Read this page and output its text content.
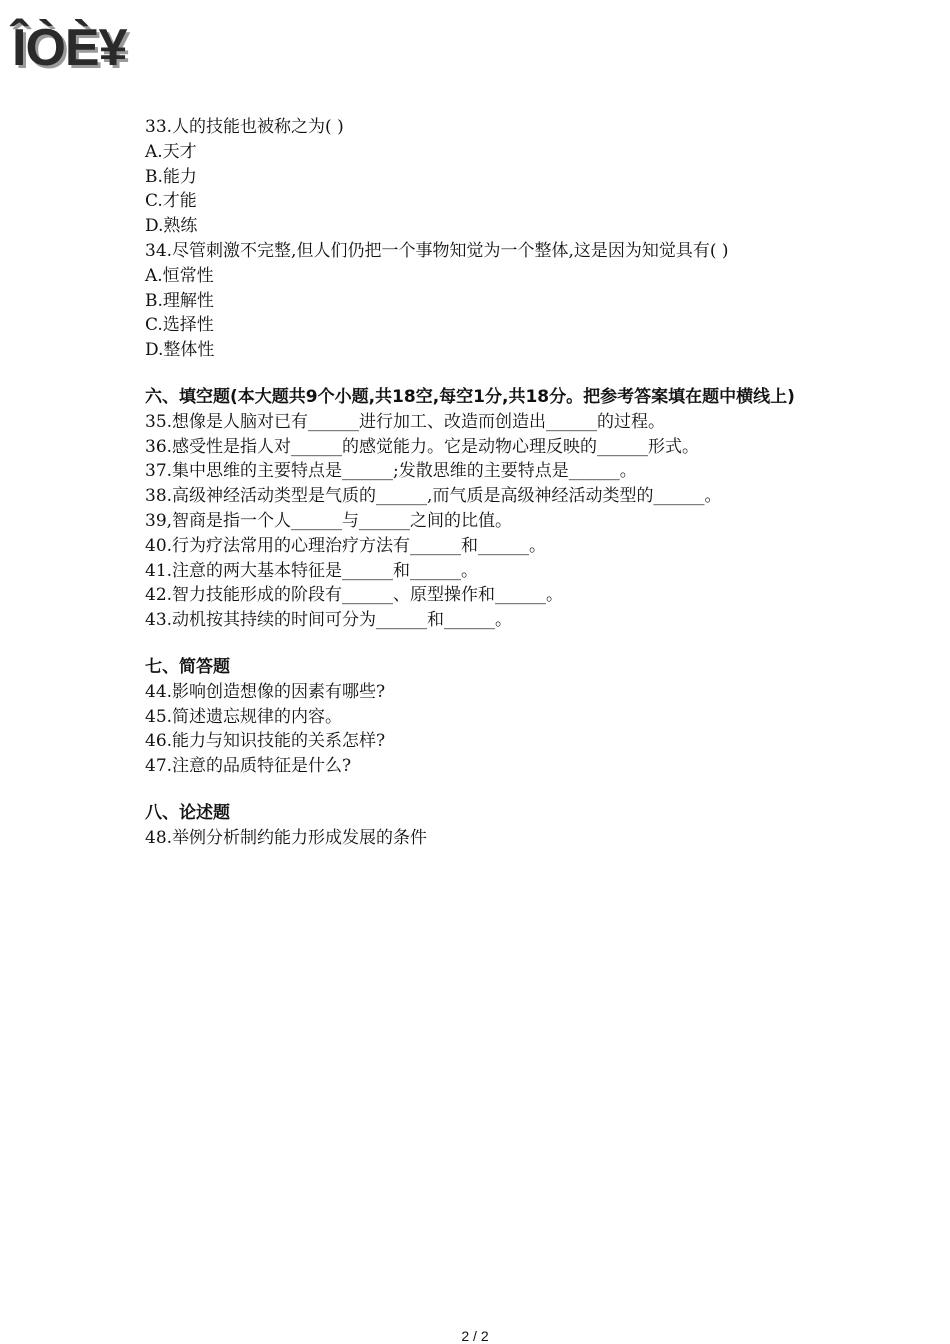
ÎÒÈ¥

33.人的技能也被称之为( )

A.天才

B.能力

C.才能

D.熟练

34.尽管刺激不完整,但人们仍把一个事物知觉为一个整体,这是因为知觉具有( )

A.恒常性

B.理解性

C.选择性

D.整体性

六、填空题(本大题共9个小题,共18空,每空1分,共18分。把参考答案填在题中横线上)

35.想像是人脑对已有______进行加工、改造而创造出______的过程。

36.感受性是指人对______的感觉能力。它是动物心理反映的______形式。

37.集中思维的主要特点是______;发散思维的主要特点是______。

38.高级神经活动类型是气质的______,而气质是高级神经活动类型的______。

39,智商是指一个人______与______之间的比值。

40.行为疗法常用的心理治疗方法有______和______。

41.注意的两大基本特征是______和______。

42.智力技能形成的阶段有______、原型操作和______。

43.动机按其持续的时间可分为______和______。

七、简答题

44.影响创造想像的因素有哪些?

45.简述遗忘规律的内容。

46.能力与知识技能的关系怎样?

47.注意的品质特征是什么?

八、论述题

48.举例分析制约能力形成发展的条件

2 / 2
